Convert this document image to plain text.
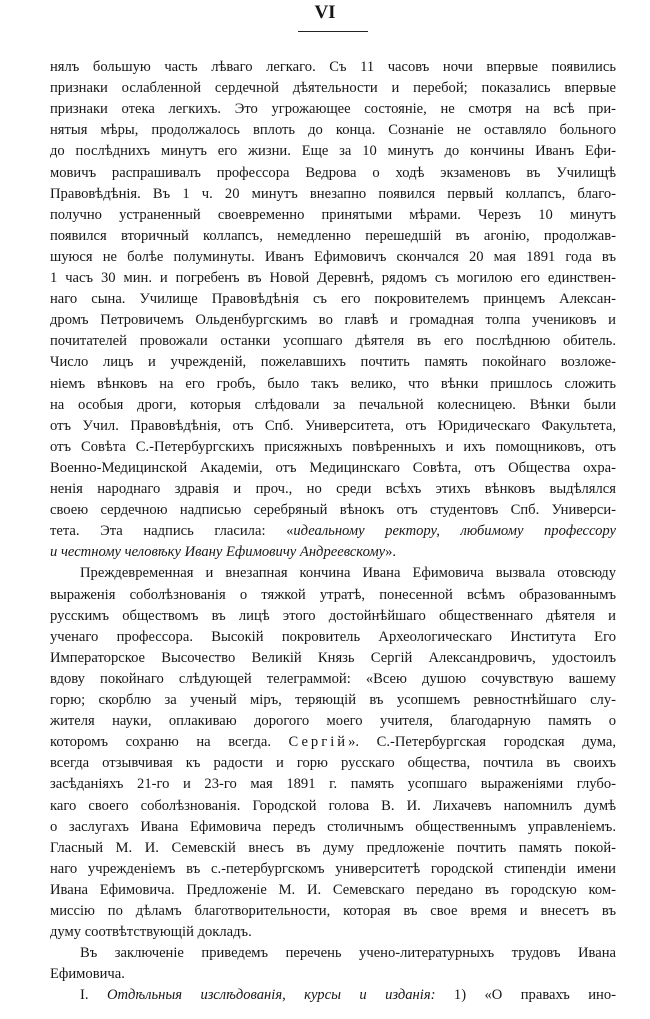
VI
нялъ большую часть лѣваго легкаго. Съ 11 часовъ ночи впервые появились
признаки ослабленной сердечной дѣятельности и перебой; показались впервые
признаки отека легкихъ. Это угрожающее состоянiе, не смотря на всѣ при-
нятыя мѣры, продолжалось вплоть до конца. Сознанiе не оставляло больного
до послѣднихъ минутъ его жизни. Еще за 10 минутъ до кончины Иванъ Ефи-
мовичъ распрашивалъ профессора Ведрова о ходѣ экзаменовъ въ Училищѣ
Правовѣдѣнiя. Въ 1 ч. 20 минутъ внезапно появился первый коллапсъ, благо-
получно устраненный своевременно принятыми мѣрами. Черезъ 10 минутъ
появился вторичный коллапсъ, немедленно перешедшiй въ агонiю, продолжав-
шуюся не болѣе полуминуты. Иванъ Ефимовичъ скончался 20 мая 1891 года въ
1 часъ 30 мин. и погребенъ въ Новой Деревнѣ, рядомъ съ могилою его единствен-
наго сына. Училище Правовѣдѣнiя съ его покровителемъ принцемъ Алексан-
дромъ Петровичемъ Ольденбургскимъ во главѣ и громадная толпа учениковъ и
почитателей провожали останки усопшаго дѣятеля въ его послѣднюю обитель.
Число лицъ и учрежденiй, пожелавшихъ почтить память покойнаго возложе-
нiемъ вѣнковъ на его гробъ, было такъ велико, что вѣнки пришлось сложить
на особыя дроги, которыя слѣдовали за печальной колесницею. Вѣнки были
отъ Учил. Правовѣдѣнiя, отъ Спб. Университета, отъ Юридическаго Факультета,
отъ Совѣта С.-Петербургскихъ присяжныхъ повѣренныхъ и ихъ помощниковъ, отъ
Военно-Медицинской Академiи, отъ Медицинскаго Совѣта, отъ Общества охра-
ненiя народнаго здравiя и проч., но среди всѣхъ этихъ вѣнковъ выдѣлялся
своею сердечною надписью серебряный вѣнокъ отъ студентовъ Спб. Универси-
тета. Эта надпись гласила: «идеальному ректору, любимому профессору
и честному человѣку Ивану Ефимовичу Андреевскому».
Преждевременная и внезапная кончина Ивана Ефимовича вызвала отовсюду
выраженiя соболѣзнованiя о тяжкой утратѣ, понесенной всѣмъ образованнымъ
русскимъ обществомъ въ лицѣ этого достойнѣйшаго общественнаго дѣятеля и
ученаго профессора. Высокiй покровитель Археологическаго Института Его
Императорское Высочество Великiй Князь Сергiй Александровичъ, удостоилъ
вдову покойнаго слѣдующей телеграммой: «Всею душою сочувствую вашему
горю; скорблю за ученый мiръ, теряющiй въ усопшемъ ревностнѣйшаго слу-
жителя науки, оплакиваю дорогого моего учителя, благодарную память о
которомъ сохраню на всегда. Сергiй». С.-Петербургская городская дума,
всегда отзывчивая къ радости и горю русскаго общества, почтила въ своихъ
засѣданiяхъ 21-го и 23-го мая 1891 г. память усопшаго выраженiями глубо-
каго своего соболѣзнованiя. Городской голова В. И. Лихачевъ напомнилъ думѣ
о заслугахъ Ивана Ефимовича передъ столичнымъ общественнымъ управленiемъ.
Гласный М. И. Семевскiй внесъ въ думу предложенiе почтить память покой-
наго учрежденiемъ въ с.-петербургскомъ университетѣ городской стипендiи имени
Ивана Ефимовича. Предложенiе М. И. Семевскаго передано въ городскую ком-
миссiю по дѣламъ благотворительности, которая въ свое время и внесетъ въ
думу соотвѣтствующiй докладъ.
Въ заключенiе приведемъ перечень учено-литературныхъ трудовъ Ивана
Ефимовича.
I. Отдѣльныя изслѣдованiя, курсы и изданiя: 1) «О правахъ ино-
